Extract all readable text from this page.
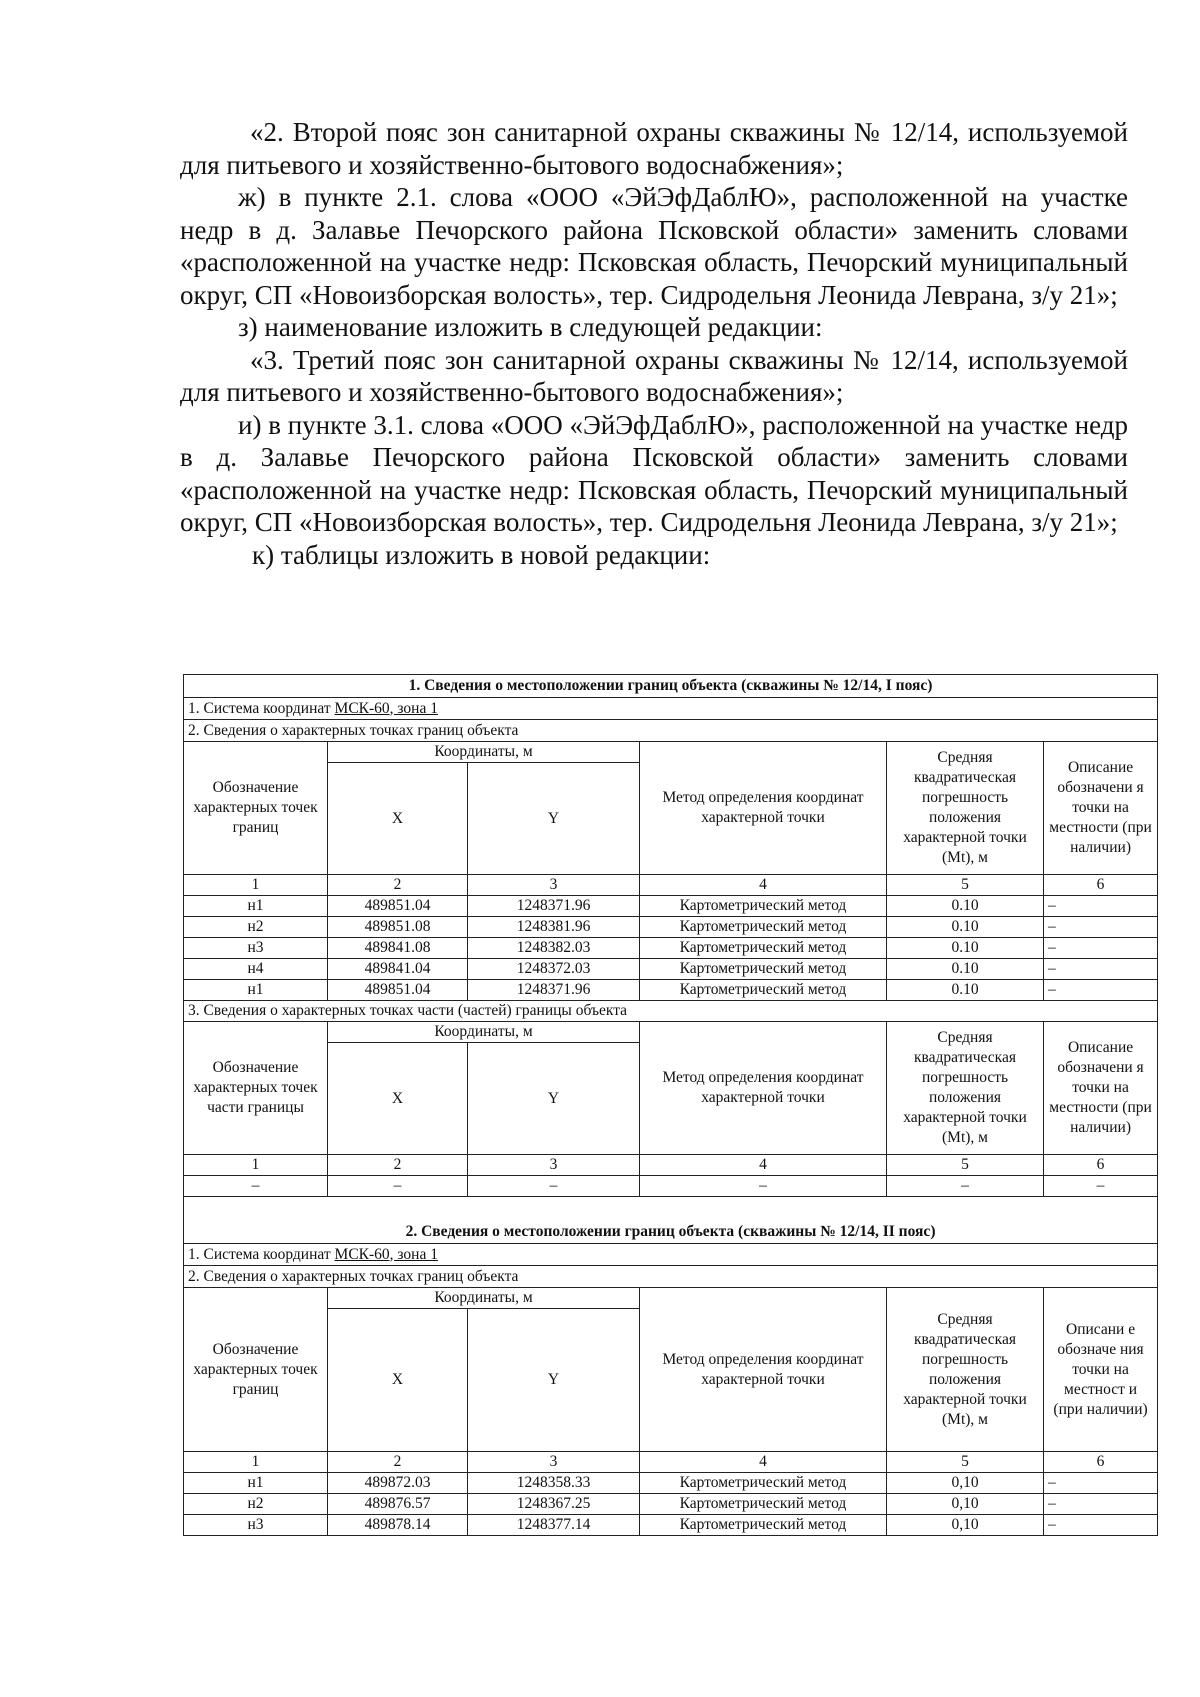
«2. Второй пояс зон санитарной охраны скважины № 12/14, используемой для питьевого и хозяйственно-бытового водоснабжения»;

ж) в пункте 2.1. слова «ООО «ЭйЭфДаблЮ», расположенной на участке недр в д. Залавье Печорского района Псковской области» заменить словами «расположенной на участке недр: Псковская область, Печорский муниципальный округ, СП «Новоизборская волость», тер. Сидродельня Леонида Леврана, з/у 21»;

з) наименование изложить в следующей редакции:

«3. Третий пояс зон санитарной охраны скважины № 12/14, используемой для питьевого и хозяйственно-бытового водоснабжения»;

и) в пункте 3.1. слова «ООО «ЭйЭфДаблЮ», расположенной на участке недр в д. Залавье Печорского района Псковской области» заменить словами «расположенной на участке недр: Псковская область, Печорский муниципальный округ, СП «Новоизборская волость», тер. Сидродельня Леонида Леврана, з/у 21»;

к) таблицы изложить в новой редакции:

1. Сведения о местоположении границ объекта (скважины № 12/14, I пояс)					
1. Система координат МСК-60, зона 1					
2. Сведения о характерных точках границ объекта					
Обозначение характерных точек границ	Координаты, м		Метод определения координат характерной точки	Средняя квадратическая погрешность положения характерной точки (Mt), м	Описание обозначени я точки на местности (при наличии)
	X	Y			
1	2	3	4	5	6
н1	489851.04	1248371.96	Картометрический метод	0.10	–
н2	489851.08	1248381.96	Картометрический метод	0.10	–
н3	489841.08	1248382.03	Картометрический метод	0.10	–
н4	489841.04	1248372.03	Картометрический метод	0.10	–
н1	489851.04	1248371.96	Картометрический метод	0.10	–
3. Сведения о характерных точках части (частей) границы объекта					
Обозначение характерных точек части границы	Координаты, м		Метод определения координат характерной точки	Средняя квадратическая погрешность положения характерной точки (Mt), м	Описание обозначени я точки на местности (при наличии)
	X	Y			
1	2	3	4	5	6
–	–	–	–	–	–

2. Сведения о местоположении границ объекта (скважины № 12/14, II пояс)					
1. Система координат МСК-60, зона 1					
2. Сведения о характерных точках границ объекта					
Обозначение характерных точек границ	Координаты, м		Метод определения координат характерной точки	Средняя квадратическая погрешность положения характерной точки (Mt), м	Описани е обозначе ния точки на местност и (при наличии)
	X	Y			
1	2	3	4	5	6
н1	489872.03	1248358.33	Картометрический метод	0,10	–
н2	489876.57	1248367.25	Картометрический метод	0,10	–
н3	489878.14	1248377.14	Картометрический метод	0,10	–
